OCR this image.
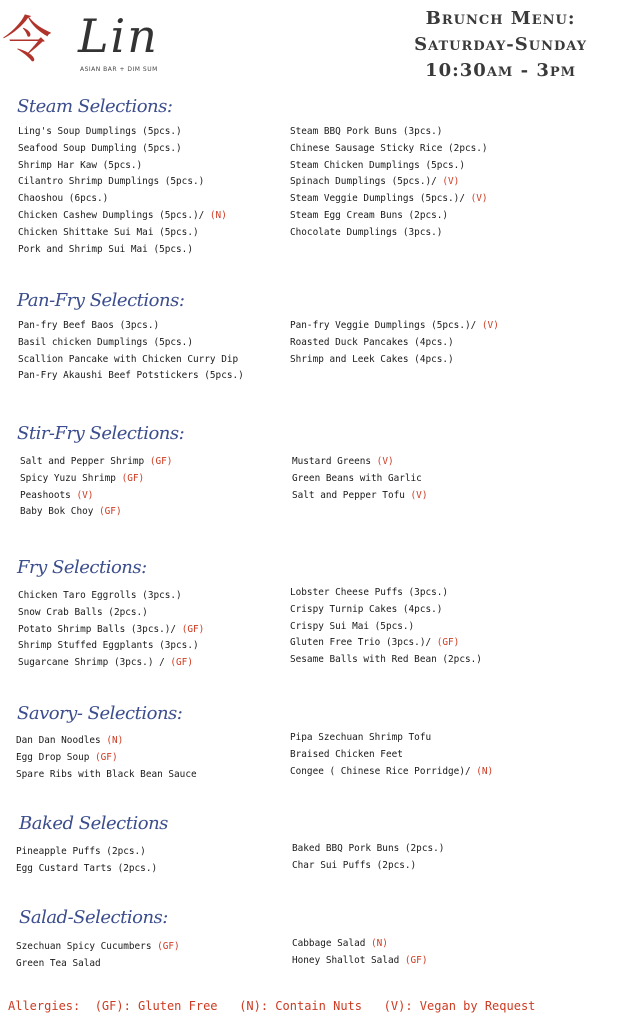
令 Lin
ASIAN BAR + DIM SUM
Brunch Menu:
Saturday-Sunday
10:30am - 3pm
Steam Selections:
Ling's Soup Dumplings (5pcs.)
Seafood Soup Dumpling (5pcs.)
Shrimp Har Kaw (5pcs.)
Cilantro Shrimp Dumplings (5pcs.)
Chaoshou (6pcs.)
Chicken Cashew Dumplings (5pcs.)/ (N)
Chicken Shittake Sui Mai (5pcs.)
Pork and Shrimp Sui Mai (5pcs.)
Steam BBQ Pork Buns (3pcs.)
Chinese Sausage Sticky Rice (2pcs.)
Steam Chicken Dumplings (5pcs.)
Spinach Dumplings (5pcs.)/ (V)
Steam Veggie Dumplings (5pcs.)/ (V)
Steam Egg Cream Buns (2pcs.)
Chocolate Dumplings (3pcs.)
Pan-Fry Selections:
Pan-fry Beef Baos (3pcs.)
Basil chicken Dumplings (5pcs.)
Scallion Pancake with Chicken Curry Dip
Pan-Fry Akaushi Beef Potstickers (5pcs.)
Pan-fry Veggie Dumplings (5pcs.)/ (V)
Roasted Duck Pancakes (4pcs.)
Shrimp and Leek Cakes (4pcs.)
Stir-Fry Selections:
Salt and Pepper Shrimp (GF)
Spicy Yuzu Shrimp (GF)
Peashoots (V)
Baby Bok Choy (GF)
Mustard Greens (V)
Green Beans with Garlic
Salt and Pepper Tofu (V)
Fry Selections:
Chicken Taro Eggrolls (3pcs.)
Snow Crab Balls (2pcs.)
Potato Shrimp Balls (3pcs.)/ (GF)
Shrimp Stuffed Eggplants (3pcs.)
Sugarcane Shrimp (3pcs.) / (GF)
Lobster Cheese Puffs (3pcs.)
Crispy Turnip Cakes (4pcs.)
Crispy Sui Mai (5pcs.)
Gluten Free Trio (3pcs.)/ (GF)
Sesame Balls with Red Bean (2pcs.)
Savory- Selections:
Dan Dan Noodles (N)
Egg Drop Soup (GF)
Spare Ribs with Black Bean Sauce
Pipa Szechuan Shrimp Tofu
Braised Chicken Feet
Congee ( Chinese Rice Porridge)/ (N)
Baked Selections
Pineapple Puffs (2pcs.)
Egg Custard Tarts (2pcs.)
Baked BBQ Pork Buns (2pcs.)
Char Sui Puffs (2pcs.)
Salad-Selections:
Szechuan Spicy Cucumbers (GF)
Green Tea Salad
Cabbage Salad (N)
Honey Shallot Salad (GF)
Allergies:  (GF): Gluten Free   (N): Contain Nuts   (V): Vegan by Request
